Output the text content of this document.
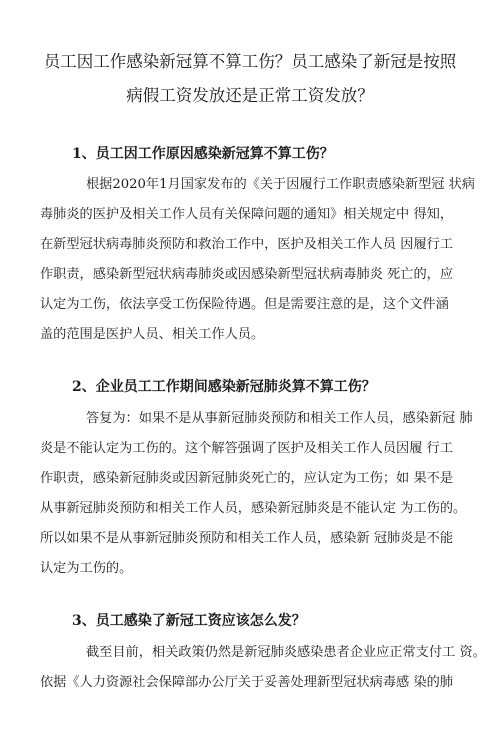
员工因工作感染新冠算不算工伤？员工感染了新冠是按照
病假工资发放还是正常工资发放？
1、员工因工作原因感染新冠算不算工伤？
根据2020年1月国家发布的《关于因履行工作职责感染新型冠 状病
毒肺炎的医护及相关工作人员有关保障问题的通知》相关规定中 得知，
在新型冠状病毒肺炎预防和救治工作中，医护及相关工作人员 因履行工
作职责，感染新型冠状病毒肺炎或因感染新型冠状病毒肺炎 死亡的，应
认定为工伤，依法享受工伤保险待遇。但是需要注意的是，这个文件涵
盖的范围是医护人员、相关工作人员。
2、企业员工工作期间感染新冠肺炎算不算工伤？
答复为：如果不是从事新冠肺炎预防和相关工作人员，感染新冠 肺
炎是不能认定为工伤的。这个解答强调了医护及相关工作人员因履 行工
作职责，感染新冠肺炎或因新冠肺炎死亡的，应认定为工伤；如 果不是
从事新冠肺炎预防和相关工作人员，感染新冠肺炎是不能认定 为工伤的。
所以如果不是从事新冠肺炎预防和相关工作人员，感染新 冠肺炎是不能
认定为工伤的。
3、员工感染了新冠工资应该怎么发？
截至目前，相关政策仍然是新冠肺炎感染患者企业应正常支付工 资。
依据《人力资源社会保障部办公厅关于妥善处理新型冠状病毒感 染的肺
